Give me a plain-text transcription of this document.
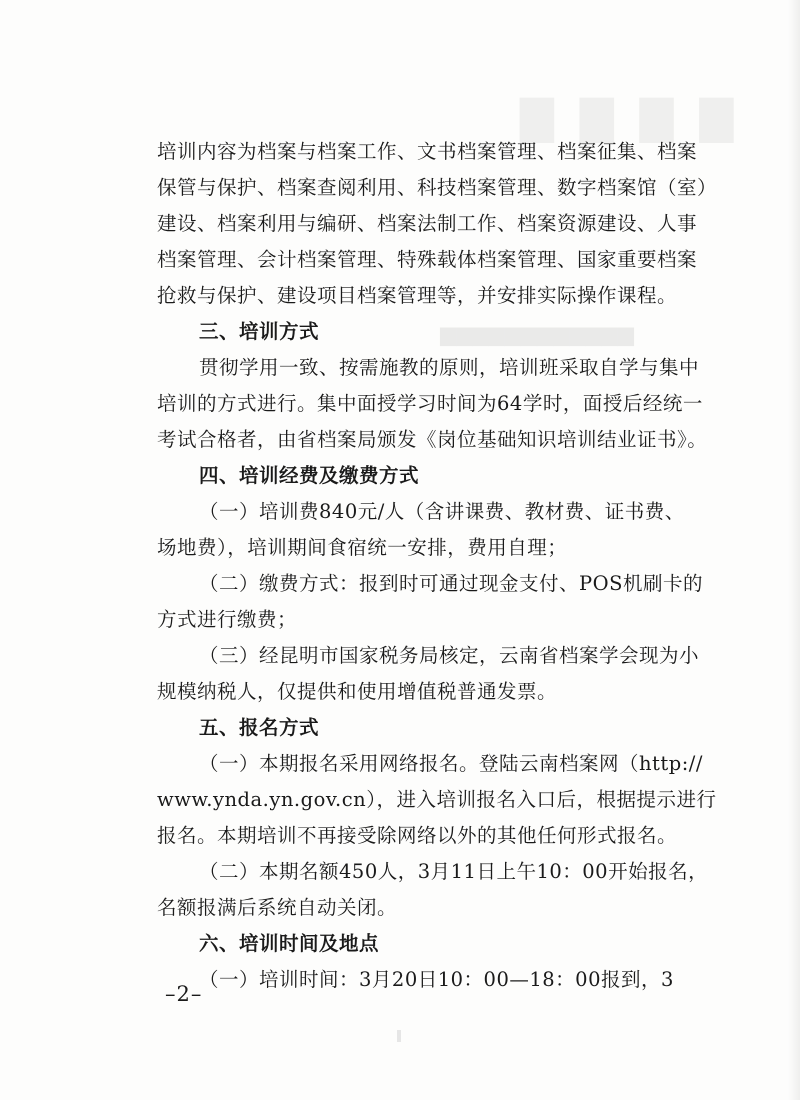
▇ ▇ ▇ ▇
▆▆▆▆▆▆▆▆▆▆▆▆
培训内容为档案与档案工作、文书档案管理、档案征集、档案
保管与保护、档案查阅利用、科技档案管理、数字档案馆（室）
建设、档案利用与编研、档案法制工作、档案资源建设、人事
档案管理、会计档案管理、特殊载体档案管理、国家重要档案
抢救与保护、建设项目档案管理等，并安排实际操作课程。
三、培训方式
贯彻学用一致、按需施教的原则，培训班采取自学与集中
培训的方式进行。集中面授学习时间为64学时，面授后经统一
考试合格者，由省档案局颁发《岗位基础知识培训结业证书》。
四、培训经费及缴费方式
（一）培训费840元/人（含讲课费、教材费、证书费、
场地费），培训期间食宿统一安排，费用自理；
（二）缴费方式：报到时可通过现金支付、POS机刷卡的
方式进行缴费；
（三）经昆明市国家税务局核定，云南省档案学会现为小
规模纳税人，仅提供和使用增值税普通发票。
五、报名方式
（一）本期报名采用网络报名。登陆云南档案网（http://
www.ynda.yn.gov.cn），进入培训报名入口后，根据提示进行
报名。本期培训不再接受除网络以外的其他任何形式报名。
（二）本期名额450人，3月11日上午10：00开始报名，
名额报满后系统自动关闭。
六、培训时间及地点
（一）培训时间：3月20日10：00—18：00报到，3
–2–
